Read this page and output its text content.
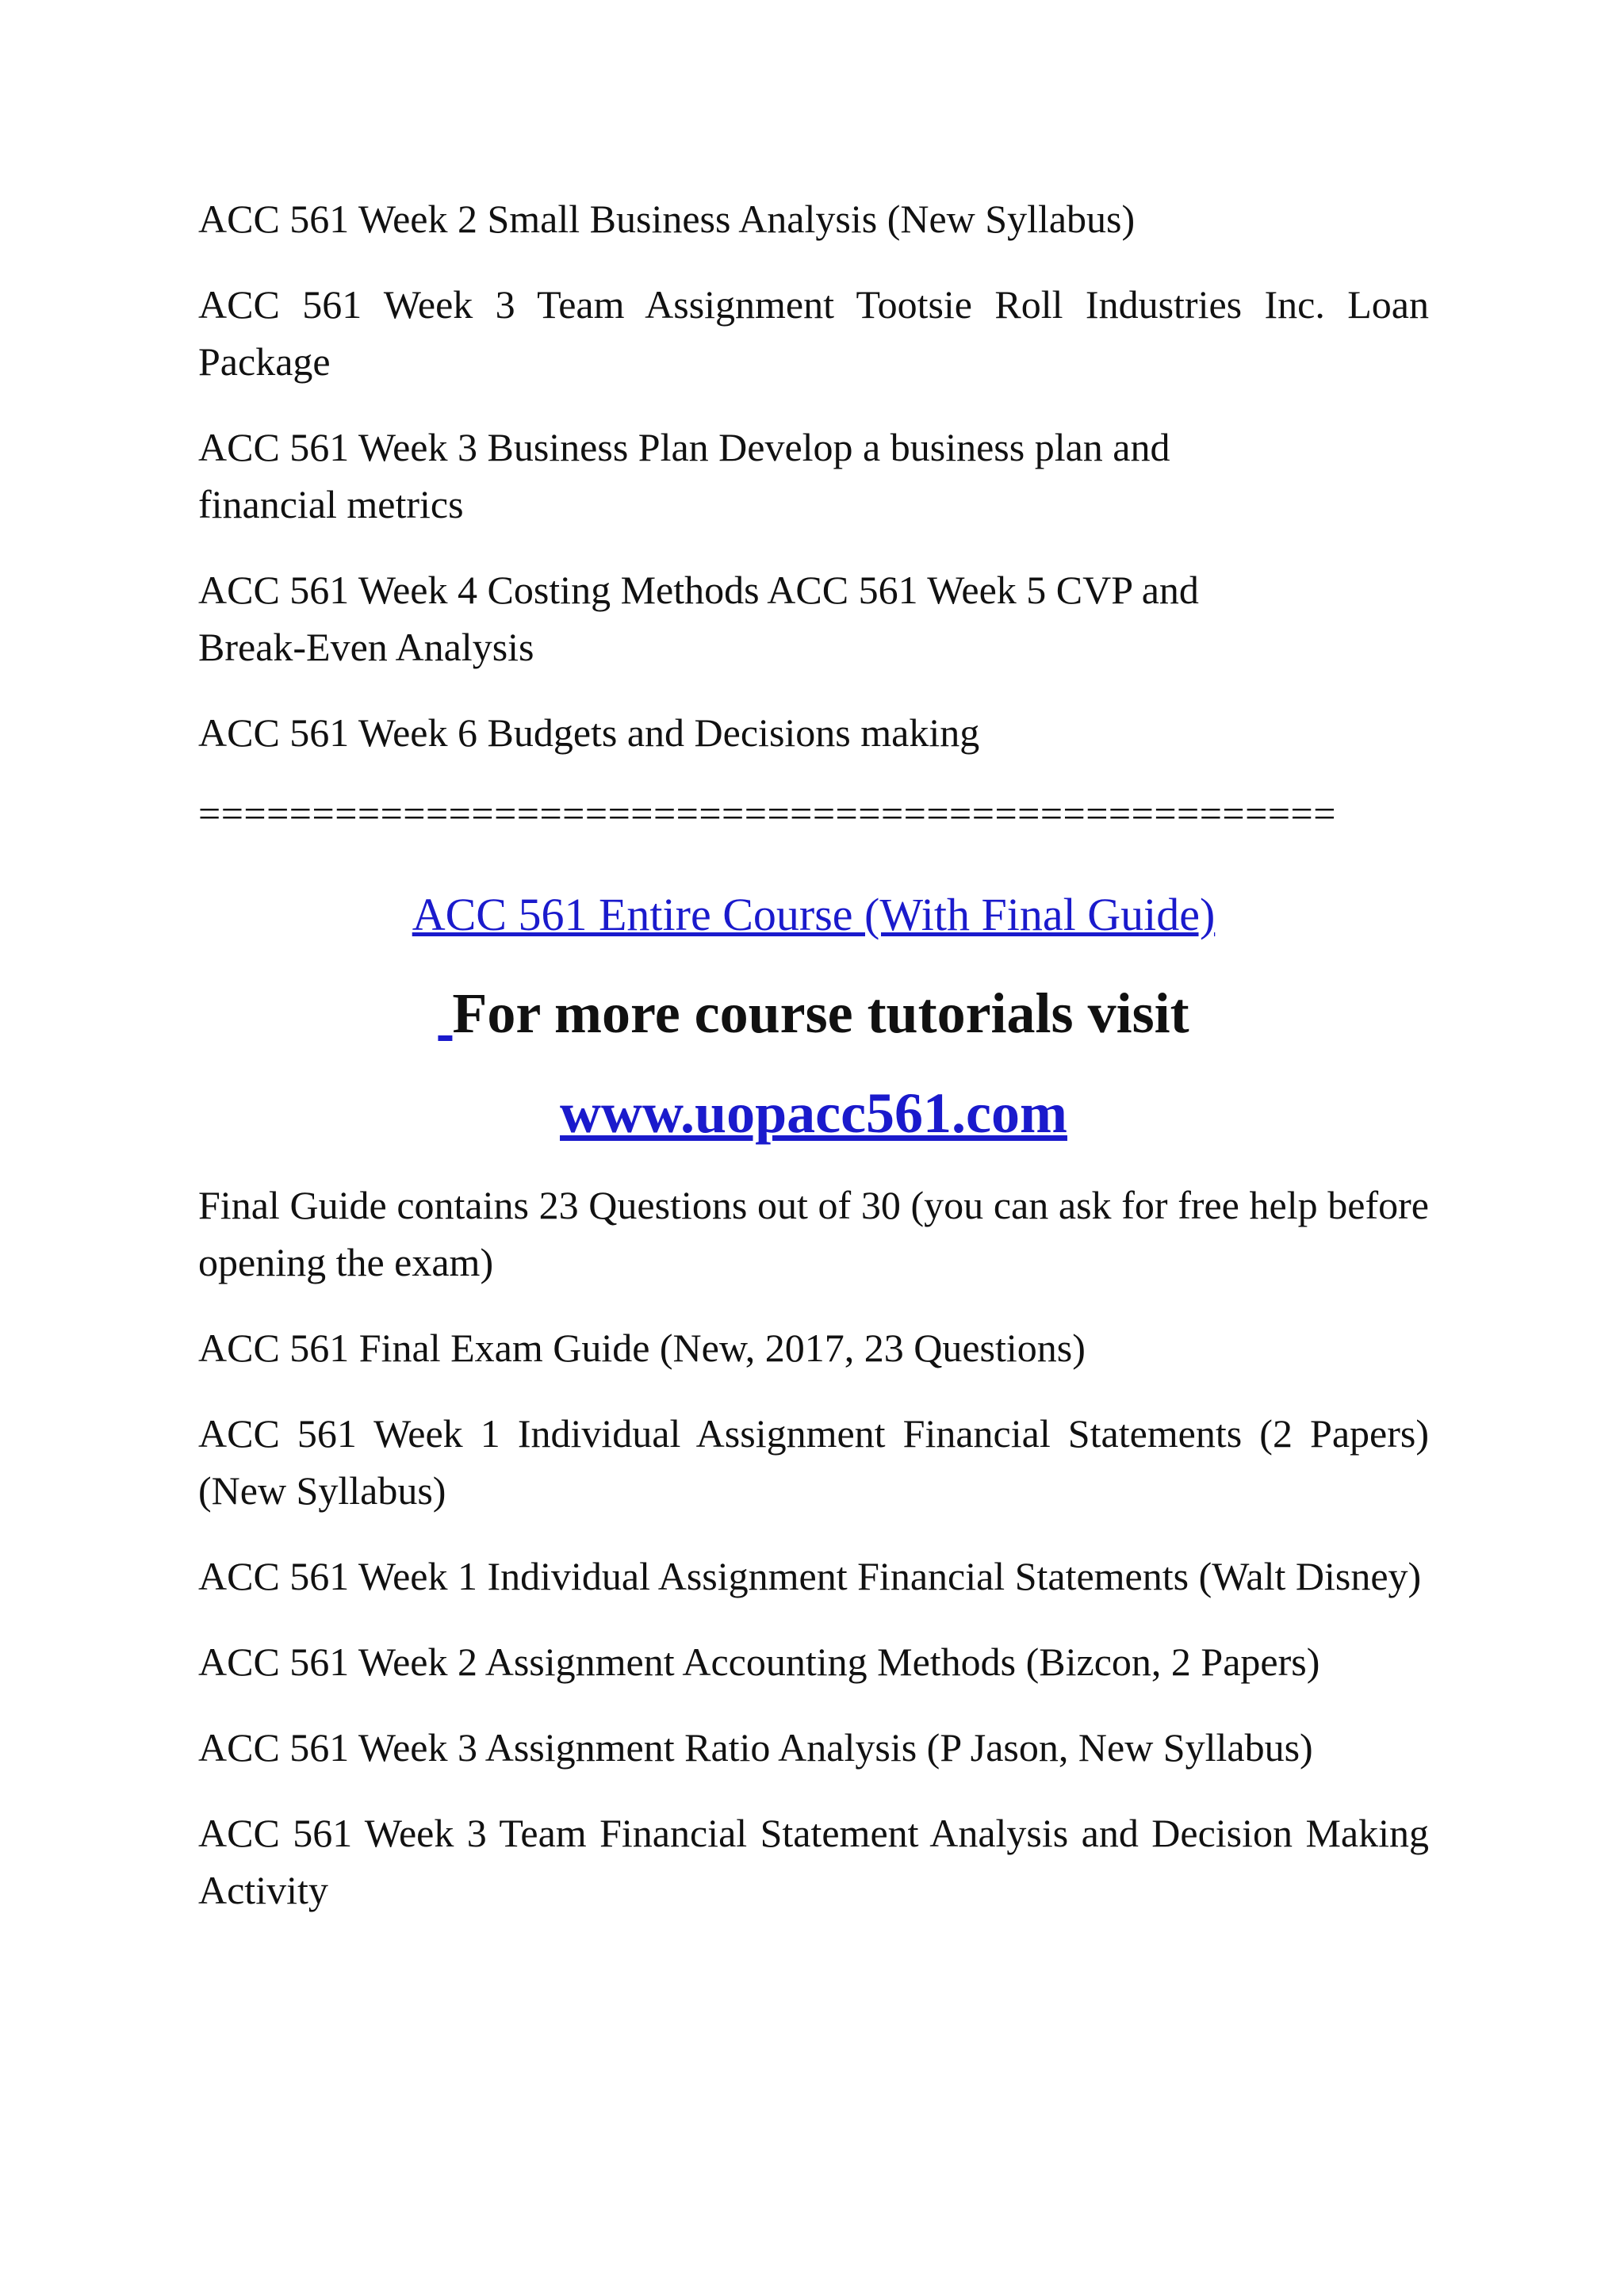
ACC 561 Week 2 Small Business Analysis (New Syllabus)

ACC 561 Week 3 Team Assignment Tootsie Roll Industries Inc. Loan Package

ACC 561 Week 3 Business Plan Develop a business plan and financial metrics

ACC 561 Week 4 Costing Methods ACC 561 Week 5 CVP and Break-Even Analysis

ACC 561 Week 6 Budgets and Decisions making

==================================================
ACC 561 Entire Course (With Final Guide)
For more course tutorials visit
www.uopacc561.com

Final Guide contains 23 Questions out of 30 (you can ask for free help before opening the exam)

ACC 561 Final Exam Guide (New, 2017, 23 Questions)

ACC 561 Week 1 Individual Assignment Financial Statements (2 Papers) (New Syllabus)

ACC 561 Week 1 Individual Assignment Financial Statements (Walt Disney)

ACC 561 Week 2 Assignment Accounting Methods (Bizcon, 2 Papers)

ACC 561 Week 3 Assignment Ratio Analysis (P Jason, New Syllabus)

ACC 561 Week 3 Team Financial Statement Analysis and Decision Making Activity
